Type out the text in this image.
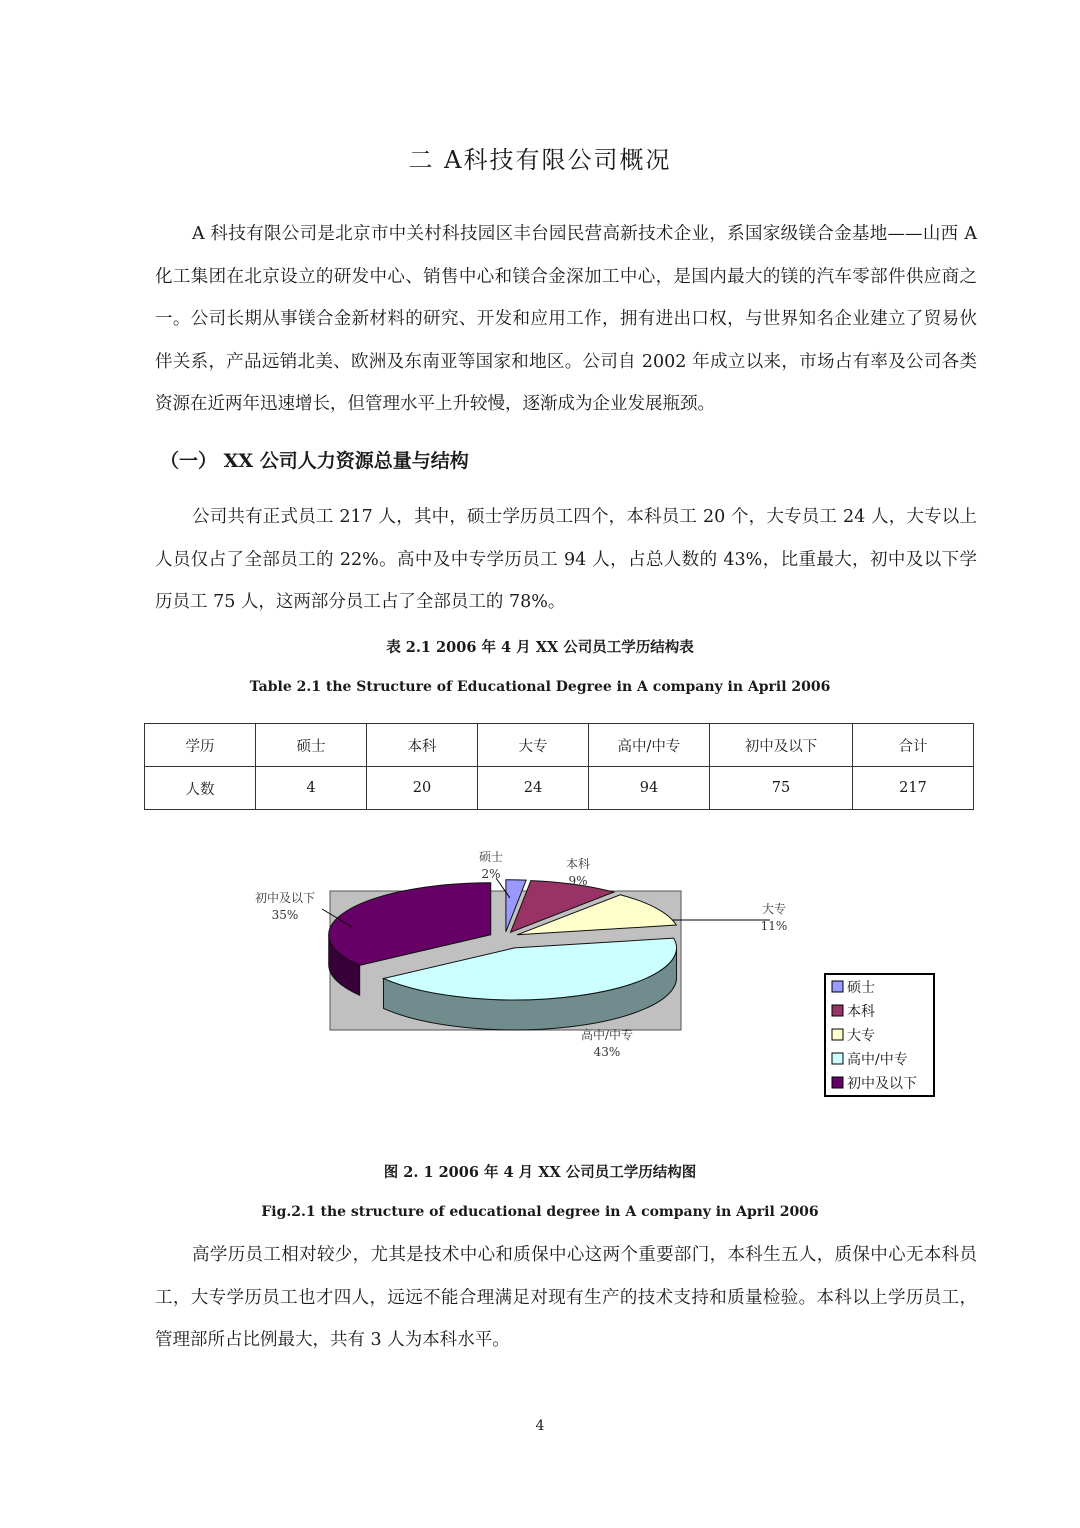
二 A科技有限公司概况

A 科技有限公司是北京市中关村科技园区丰台园民营高新技术企业，系国家级镁合金基地——山西 A 化工集团在北京设立的研发中心、销售中心和镁合金深加工中心，是国内最大的镁的汽车零部件供应商之一。公司长期从事镁合金新材料的研究、开发和应用工作，拥有进出口权，与世界知名企业建立了贸易伙伴关系，产品远销北美、欧洲及东南亚等国家和地区。公司自 2002 年成立以来，市场占有率及公司各类资源在近两年迅速增长，但管理水平上升较慢，逐渐成为企业发展瓶颈。

（一） XX 公司人力资源总量与结构

公司共有正式员工 217 人，其中，硕士学历员工四个，本科员工 20 个，大专员工 24 人，大专以上人员仅占了全部员工的 22%。高中及中专学历员工 94 人，占总人数的 43%，比重最大，初中及以下学历员工 75 人，这两部分员工占了全部员工的 78%。

表 2.1 2006 年 4 月 XX 公司员工学历结构表
Table 2.1 the Structure of Educational Degree in A company in April 2006
学历	硕士	本科	大专	高中/中专	初中及以下	合计
人数	4	20	24	94	75	217
硕士
2%
本科
9%
大专
11%
高中/中专
43%
初中及以下
35%
硕士
本科
大专
高中/中专
初中及以下
图 2. 1 2006 年 4 月 XX 公司员工学历结构图
Fig.2.1 the structure of educational degree in A company in April 2006

高学历员工相对较少，尤其是技术中心和质保中心这两个重要部门，本科生五人，质保中心无本科员工，大专学历员工也才四人，远远不能合理满足对现有生产的技术支持和质量检验。本科以上学历员工，管理部所占比例最大，共有 3 人为本科水平。

4
